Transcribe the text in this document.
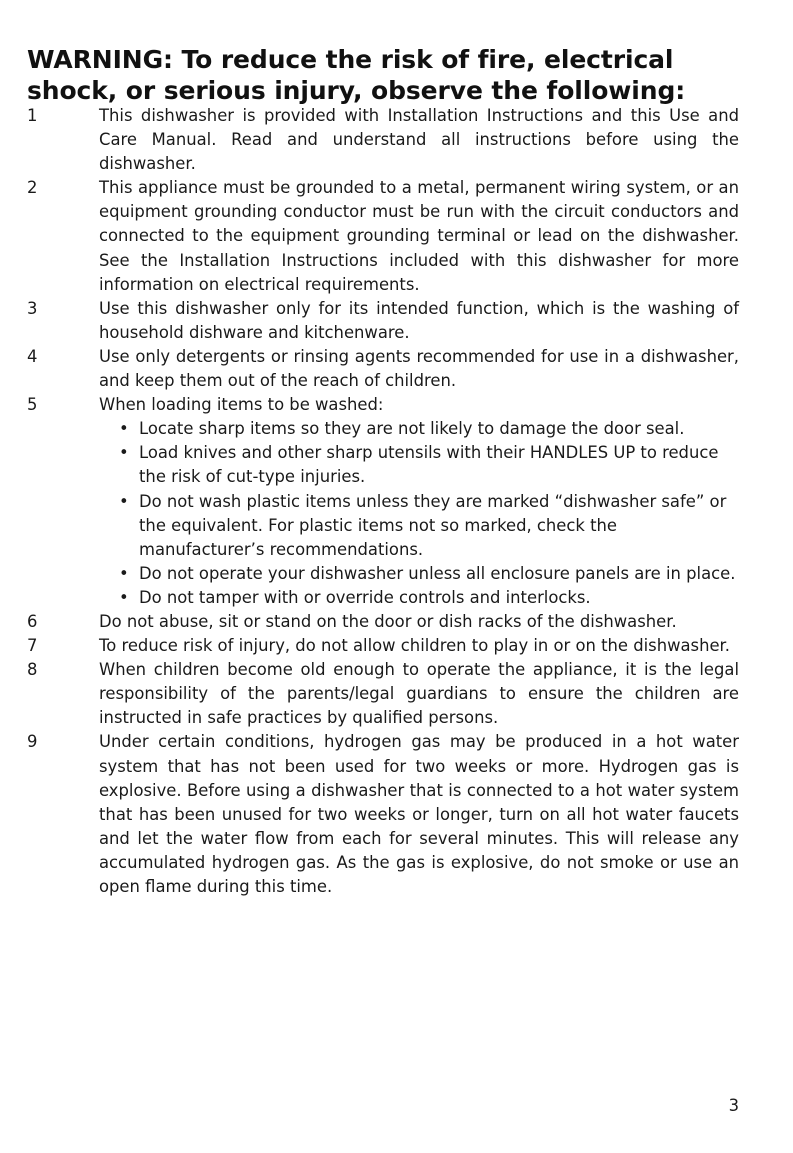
WARNING: To reduce the risk of fire, electrical shock, or serious injury, observe the following:
1	This dishwasher is provided with Installation Instructions and this Use and Care Manual. Read and understand all instructions before using the dishwasher.
2	This appliance must be grounded to a metal, permanent wiring system, or an equipment grounding conductor must be run with the circuit conductors and connected to the equipment grounding terminal or lead on the dishwasher. See the Installation Instructions included with this dishwasher for more information on electrical requirements.
3	Use this dishwasher only for its intended function, which is the washing of household dishware and kitchenware.
4	Use only detergents or rinsing agents recommended for use in a dishwasher, and keep them out of the reach of children.
5	When loading items to be washed:
• Locate sharp items so they are not likely to damage the door seal.
• Load knives and other sharp utensils with their HANDLES UP to reduce the risk of cut-type injuries.
• Do not wash plastic items unless they are marked “dishwasher safe” or the equivalent. For plastic items not so marked, check the manufacturer’s recommendations.
• Do not operate your dishwasher unless all enclosure panels are in place.
• Do not tamper with or override controls and interlocks.
6	Do not abuse, sit or stand on the door or dish racks of the dishwasher.
7	To reduce risk of injury, do not allow children to play in or on the dishwasher.
8	When children become old enough to operate the appliance, it is the legal responsibility of the parents/legal guardians to ensure the children are instructed in safe practices by qualified persons.
9	Under certain conditions, hydrogen gas may be produced in a hot water system that has not been used for two weeks or more. Hydrogen gas is explosive. Before using a dishwasher that is connected to a hot water system that has been unused for two weeks or longer, turn on all hot water faucets and let the water flow from each for several minutes. This will release any accumulated hydrogen gas. As the gas is explosive, do not smoke or use an open flame during this time.
3
